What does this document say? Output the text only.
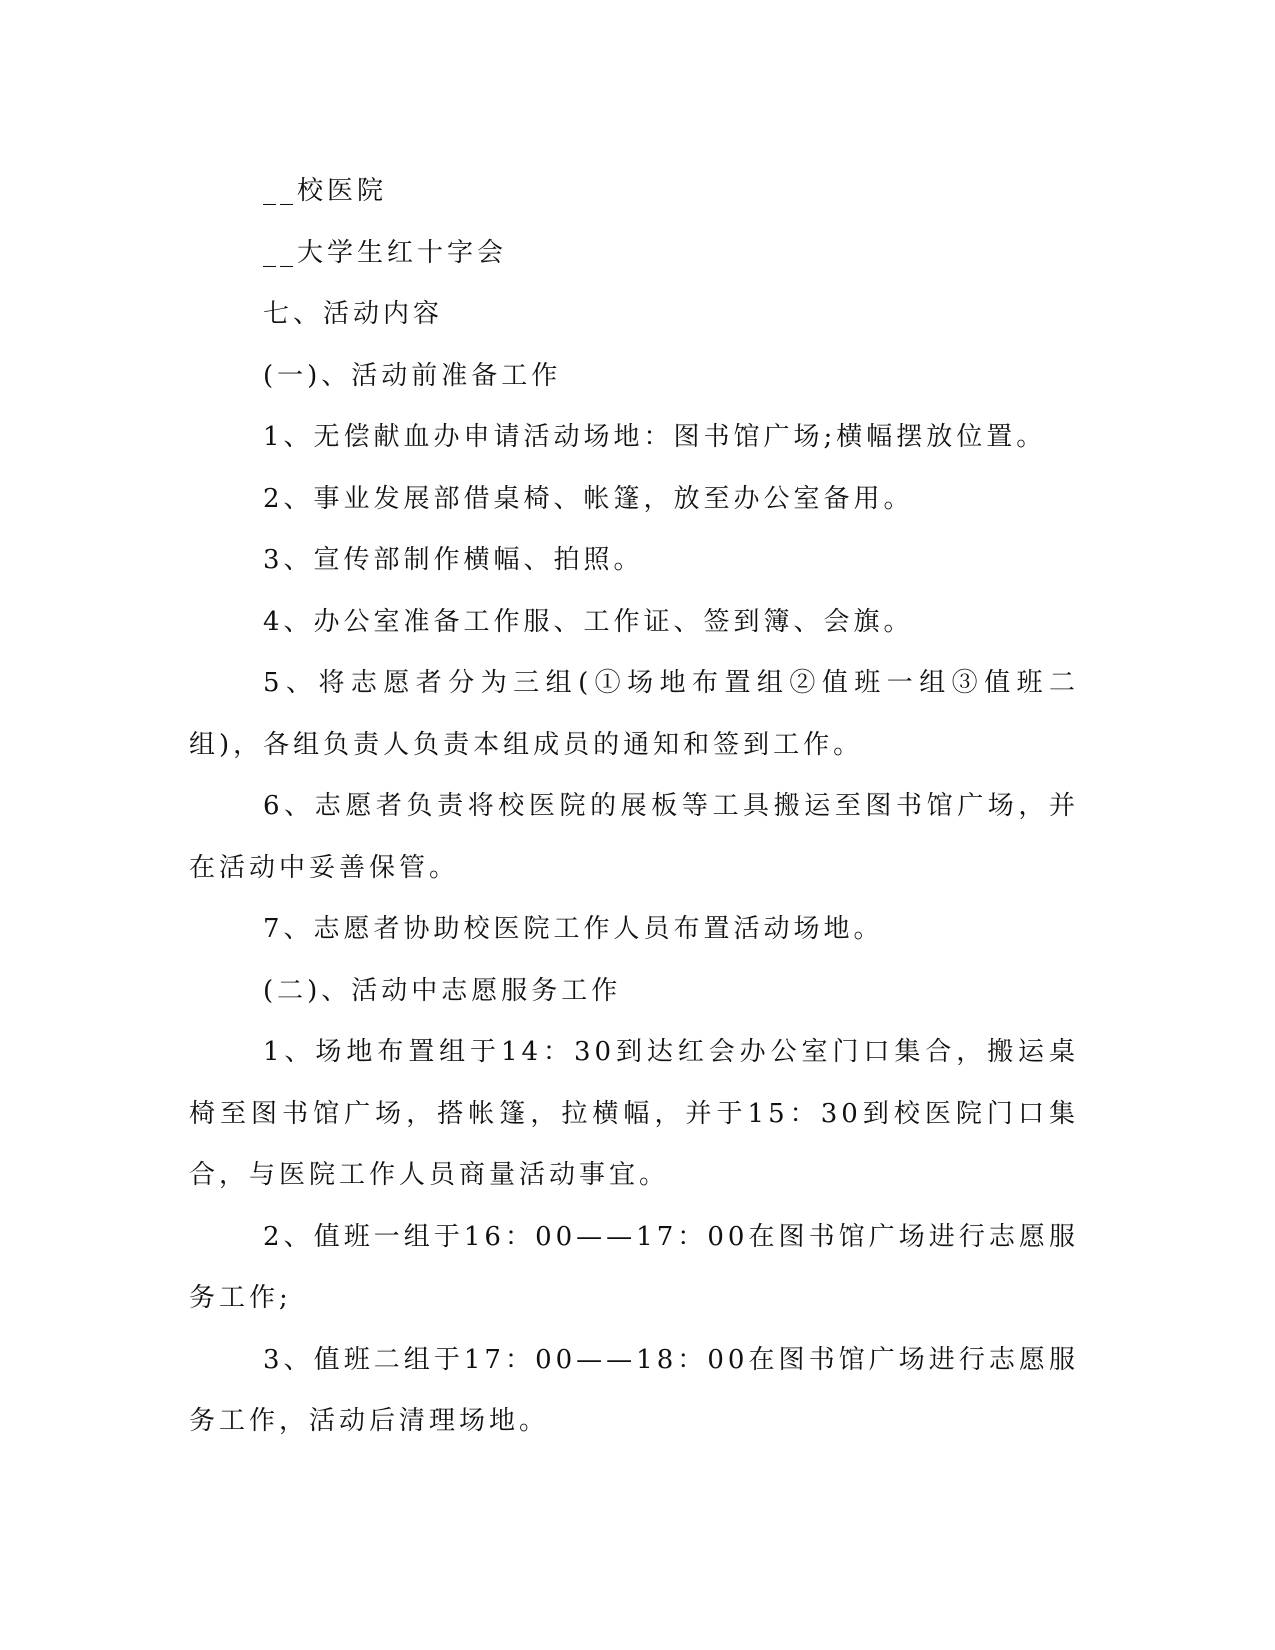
__校医院

__大学生红十字会

七、活动内容

(一)、活动前准备工作

1、无偿献血办申请活动场地：图书馆广场;横幅摆放位置。

2、事业发展部借桌椅、帐篷，放至办公室备用。

3、宣传部制作横幅、拍照。

4、办公室准备工作服、工作证、签到簿、会旗。

5、将志愿者分为三组(①场地布置组②值班一组③值班二组)，各组负责人负责本组成员的通知和签到工作。

6、志愿者负责将校医院的展板等工具搬运至图书馆广场，并在活动中妥善保管。

7、志愿者协助校医院工作人员布置活动场地。

(二)、活动中志愿服务工作

1、场地布置组于14：30到达红会办公室门口集合，搬运桌椅至图书馆广场，搭帐篷，拉横幅，并于15：30到校医院门口集合，与医院工作人员商量活动事宜。

2、值班一组于16：00——17：00在图书馆广场进行志愿服务工作;

3、值班二组于17：00——18：00在图书馆广场进行志愿服务工作，活动后清理场地。
